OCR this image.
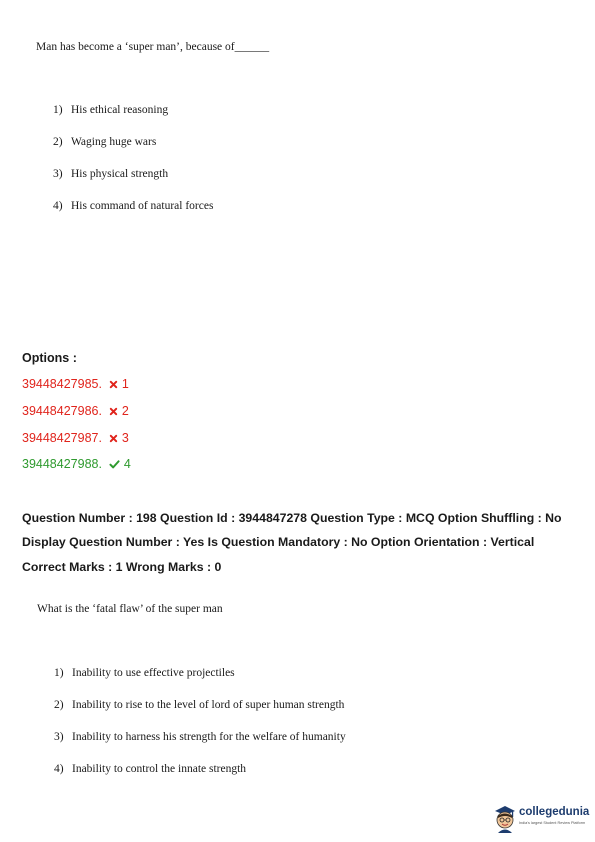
Man has become a ‘super man’, because of______
1) His ethical reasoning
2) Waging huge wars
3) His physical strength
4) His command of natural forces
Options :
39448427985. 1
39448427986. 2
39448427987. 3
39448427988. 4
Question Number : 198 Question Id : 3944847278 Question Type : MCQ Option Shuffling : No
Display Question Number : Yes Is Question Mandatory : No Option Orientation : Vertical
Correct Marks : 1 Wrong Marks : 0
What is the ‘fatal flaw’ of the super man
1) Inability to use effective projectiles
2) Inability to rise to the level of lord of super human strength
3) Inability to harness his strength for the welfare of humanity
4) Inability to control the innate strength
collegedunia
India's largest Student Review Platform
